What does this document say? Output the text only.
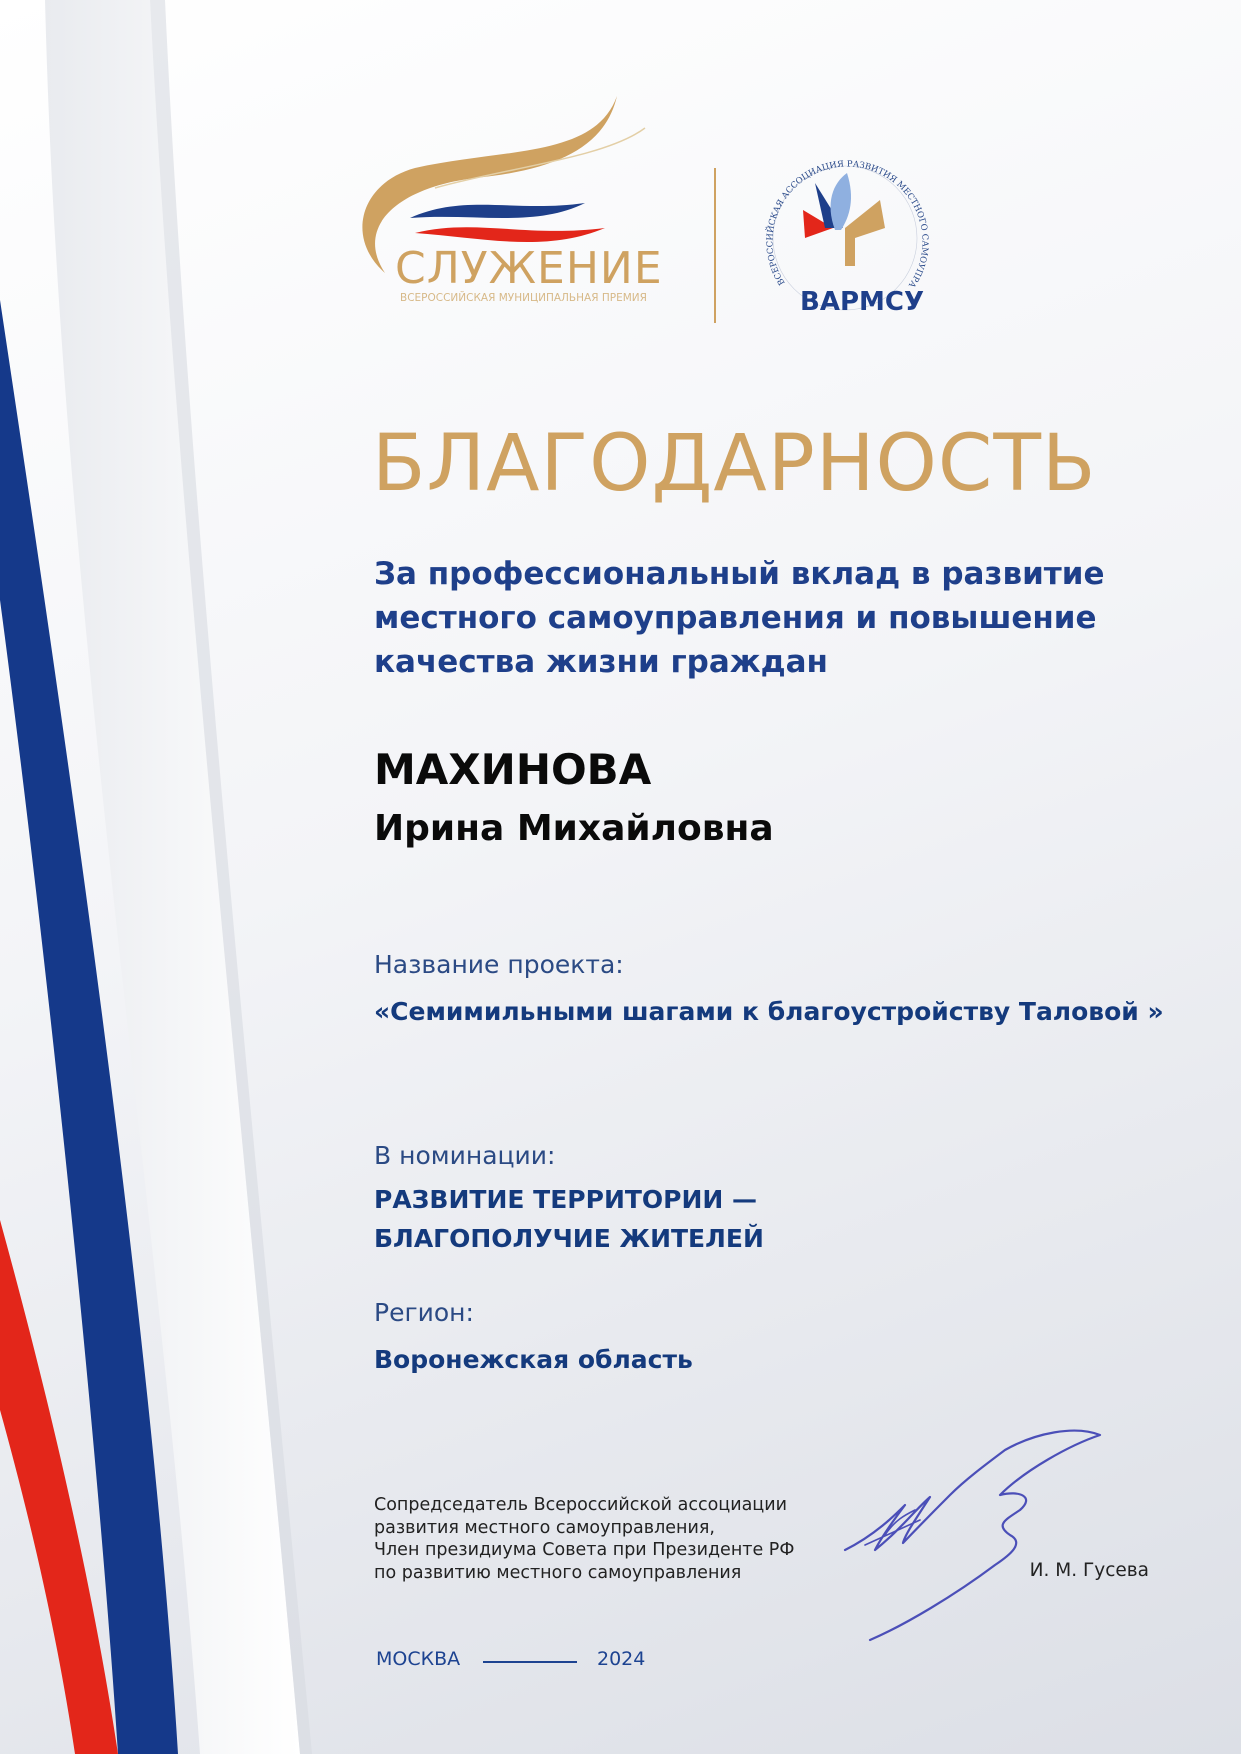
СЛУЖЕНИЕ
ВСЕРОССИЙСКАЯ МУНИЦИПАЛЬНАЯ ПРЕМИЯ
ВСЕРОССИЙСКАЯ АССОЦИАЦИЯ РАЗВИТИЯ МЕСТНОГО САМОУПРА
ВАРМСУ
БЛАГОДАРНОСТЬ
За профессиональный вклад в развитие местного самоуправления и повышение качества жизни граждан
МАХИНОВА
Ирина Михайловна
Название проекта:
«Семимильными шагами к благоустройству Таловой »
В номинации:
РАЗВИТИЕ ТЕРРИТОРИИ —
БЛАГОПОЛУЧИЕ ЖИТЕЛЕЙ
Регион:
Воронежская область
Сопредседатель Всероссийской ассоциации
развития местного самоуправления,
Член президиума Совета при Президенте РФ
по развитию местного самоуправления	И. М. Гусева
МОСКВА	2024
